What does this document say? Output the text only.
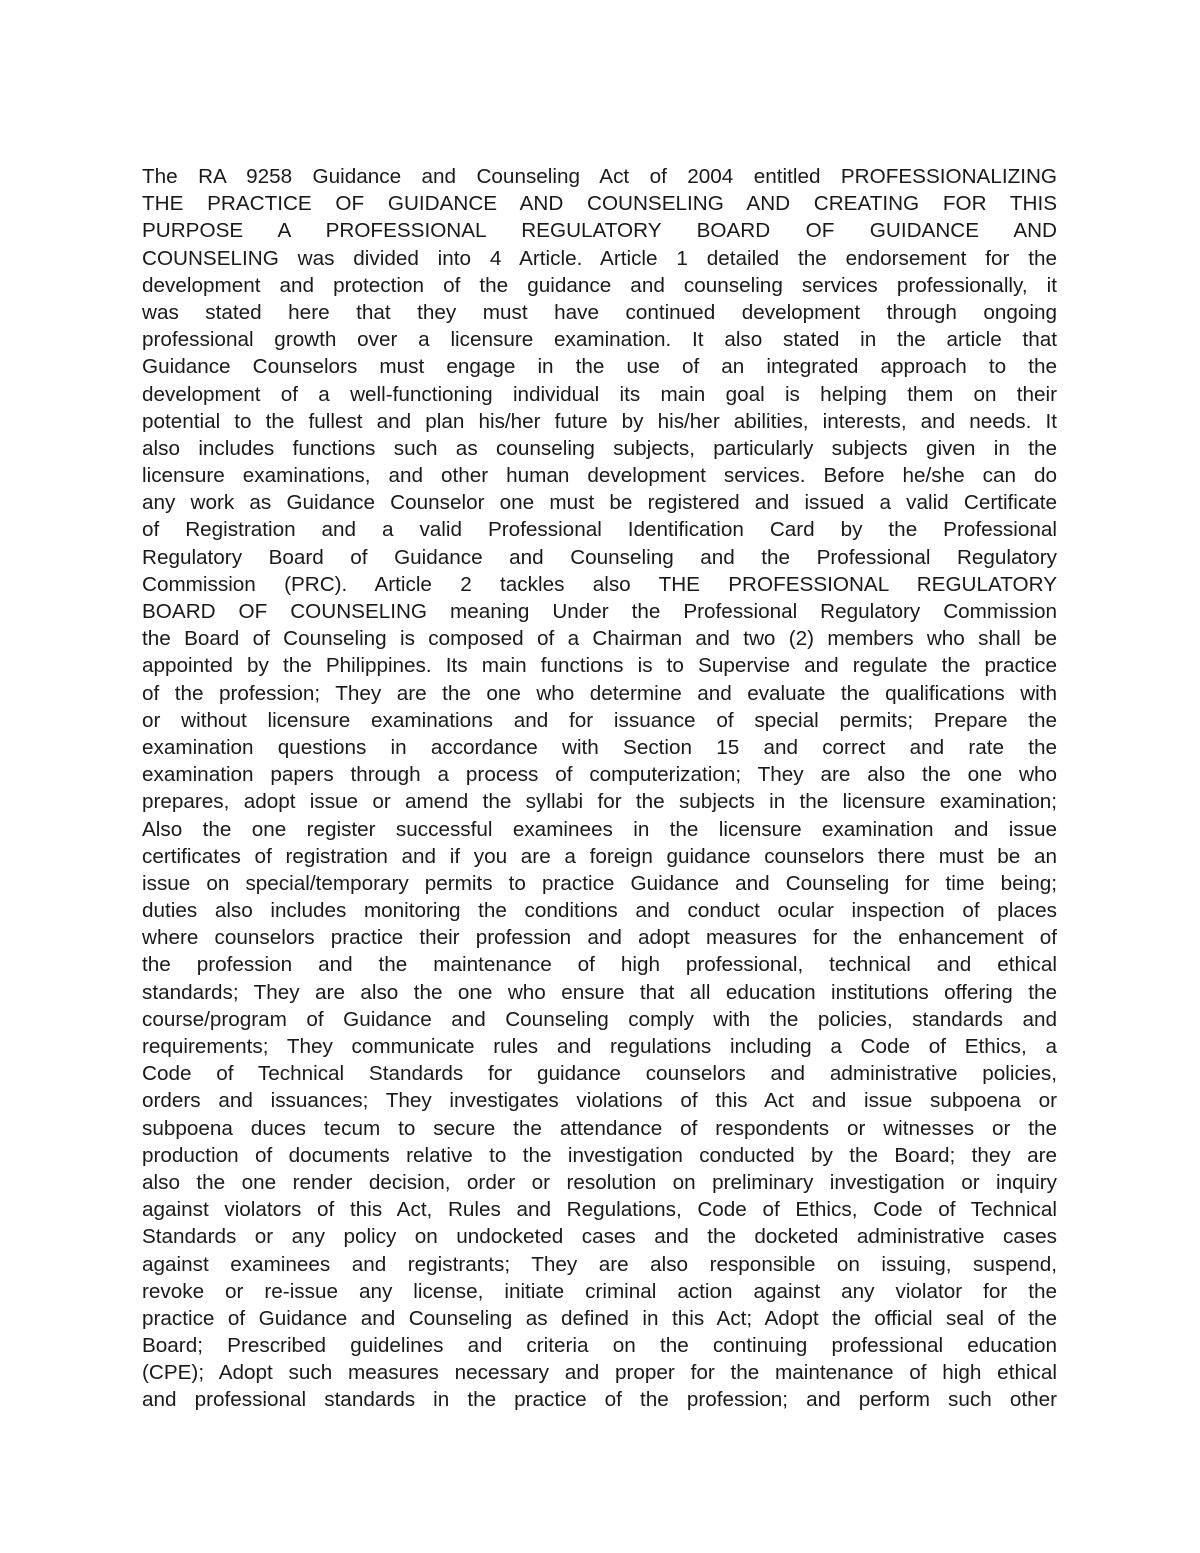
The RA 9258 Guidance and Counseling Act of 2004 entitled PROFESSIONALIZING
THE PRACTICE OF GUIDANCE AND COUNSELING AND CREATING FOR THIS
PURPOSE A PROFESSIONAL REGULATORY BOARD OF GUIDANCE AND
COUNSELING was divided into 4 Article. Article 1 detailed the endorsement for the
development and protection of the guidance and counseling services professionally, it
was stated here that they must have continued development through ongoing
professional growth over a licensure examination. It also stated in the article that
Guidance Counselors must engage in the use of an integrated approach to the
development of a well-functioning individual its main goal is helping them on their
potential to the fullest and plan his/her future by his/her abilities, interests, and needs. It
also includes functions such as counseling subjects, particularly subjects given in the
licensure examinations, and other human development services. Before he/she can do
any work as Guidance Counselor one must be registered and issued a valid Certificate
of Registration and a valid Professional Identification Card by the Professional
Regulatory Board of Guidance and Counseling and the Professional Regulatory
Commission (PRC). Article 2 tackles also THE PROFESSIONAL REGULATORY
BOARD OF COUNSELING meaning Under the Professional Regulatory Commission
the Board of Counseling is composed of a Chairman and two (2) members who shall be
appointed by the Philippines. Its main functions is to Supervise and regulate the practice
of the profession; They are the one who determine and evaluate the qualifications with
or without licensure examinations and for issuance of special permits; Prepare the
examination questions in accordance with Section 15 and correct and rate the
examination papers through a process of computerization; They are also the one who
prepares, adopt issue or amend the syllabi for the subjects in the licensure examination;
Also the one register successful examinees in the licensure examination and issue
certificates of registration and if you are a foreign guidance counselors there must be an
issue on special/temporary permits to practice Guidance and Counseling for time being;
duties also includes monitoring the conditions and conduct ocular inspection of places
where counselors practice their profession and adopt measures for the enhancement of
the profession and the maintenance of high professional, technical and ethical
standards; They are also the one who ensure that all education institutions offering the
course/program of Guidance and Counseling comply with the policies, standards and
requirements; They communicate rules and regulations including a Code of Ethics, a
Code of Technical Standards for guidance counselors and administrative policies,
orders and issuances; They investigates violations of this Act and issue subpoena or
subpoena duces tecum to secure the attendance of respondents or witnesses or the
production of documents relative to the investigation conducted by the Board; they are
also the one render decision, order or resolution on preliminary investigation or inquiry
against violators of this Act, Rules and Regulations, Code of Ethics, Code of Technical
Standards or any policy on undocketed cases and the docketed administrative cases
against examinees and registrants; They are also responsible on issuing, suspend,
revoke or re-issue any license, initiate criminal action against any violator for the
practice of Guidance and Counseling as defined in this Act; Adopt the official seal of the
Board; Prescribed guidelines and criteria on the continuing professional education
(CPE); Adopt such measures necessary and proper for the maintenance of high ethical
and professional standards in the practice of the profession; and perform such other
